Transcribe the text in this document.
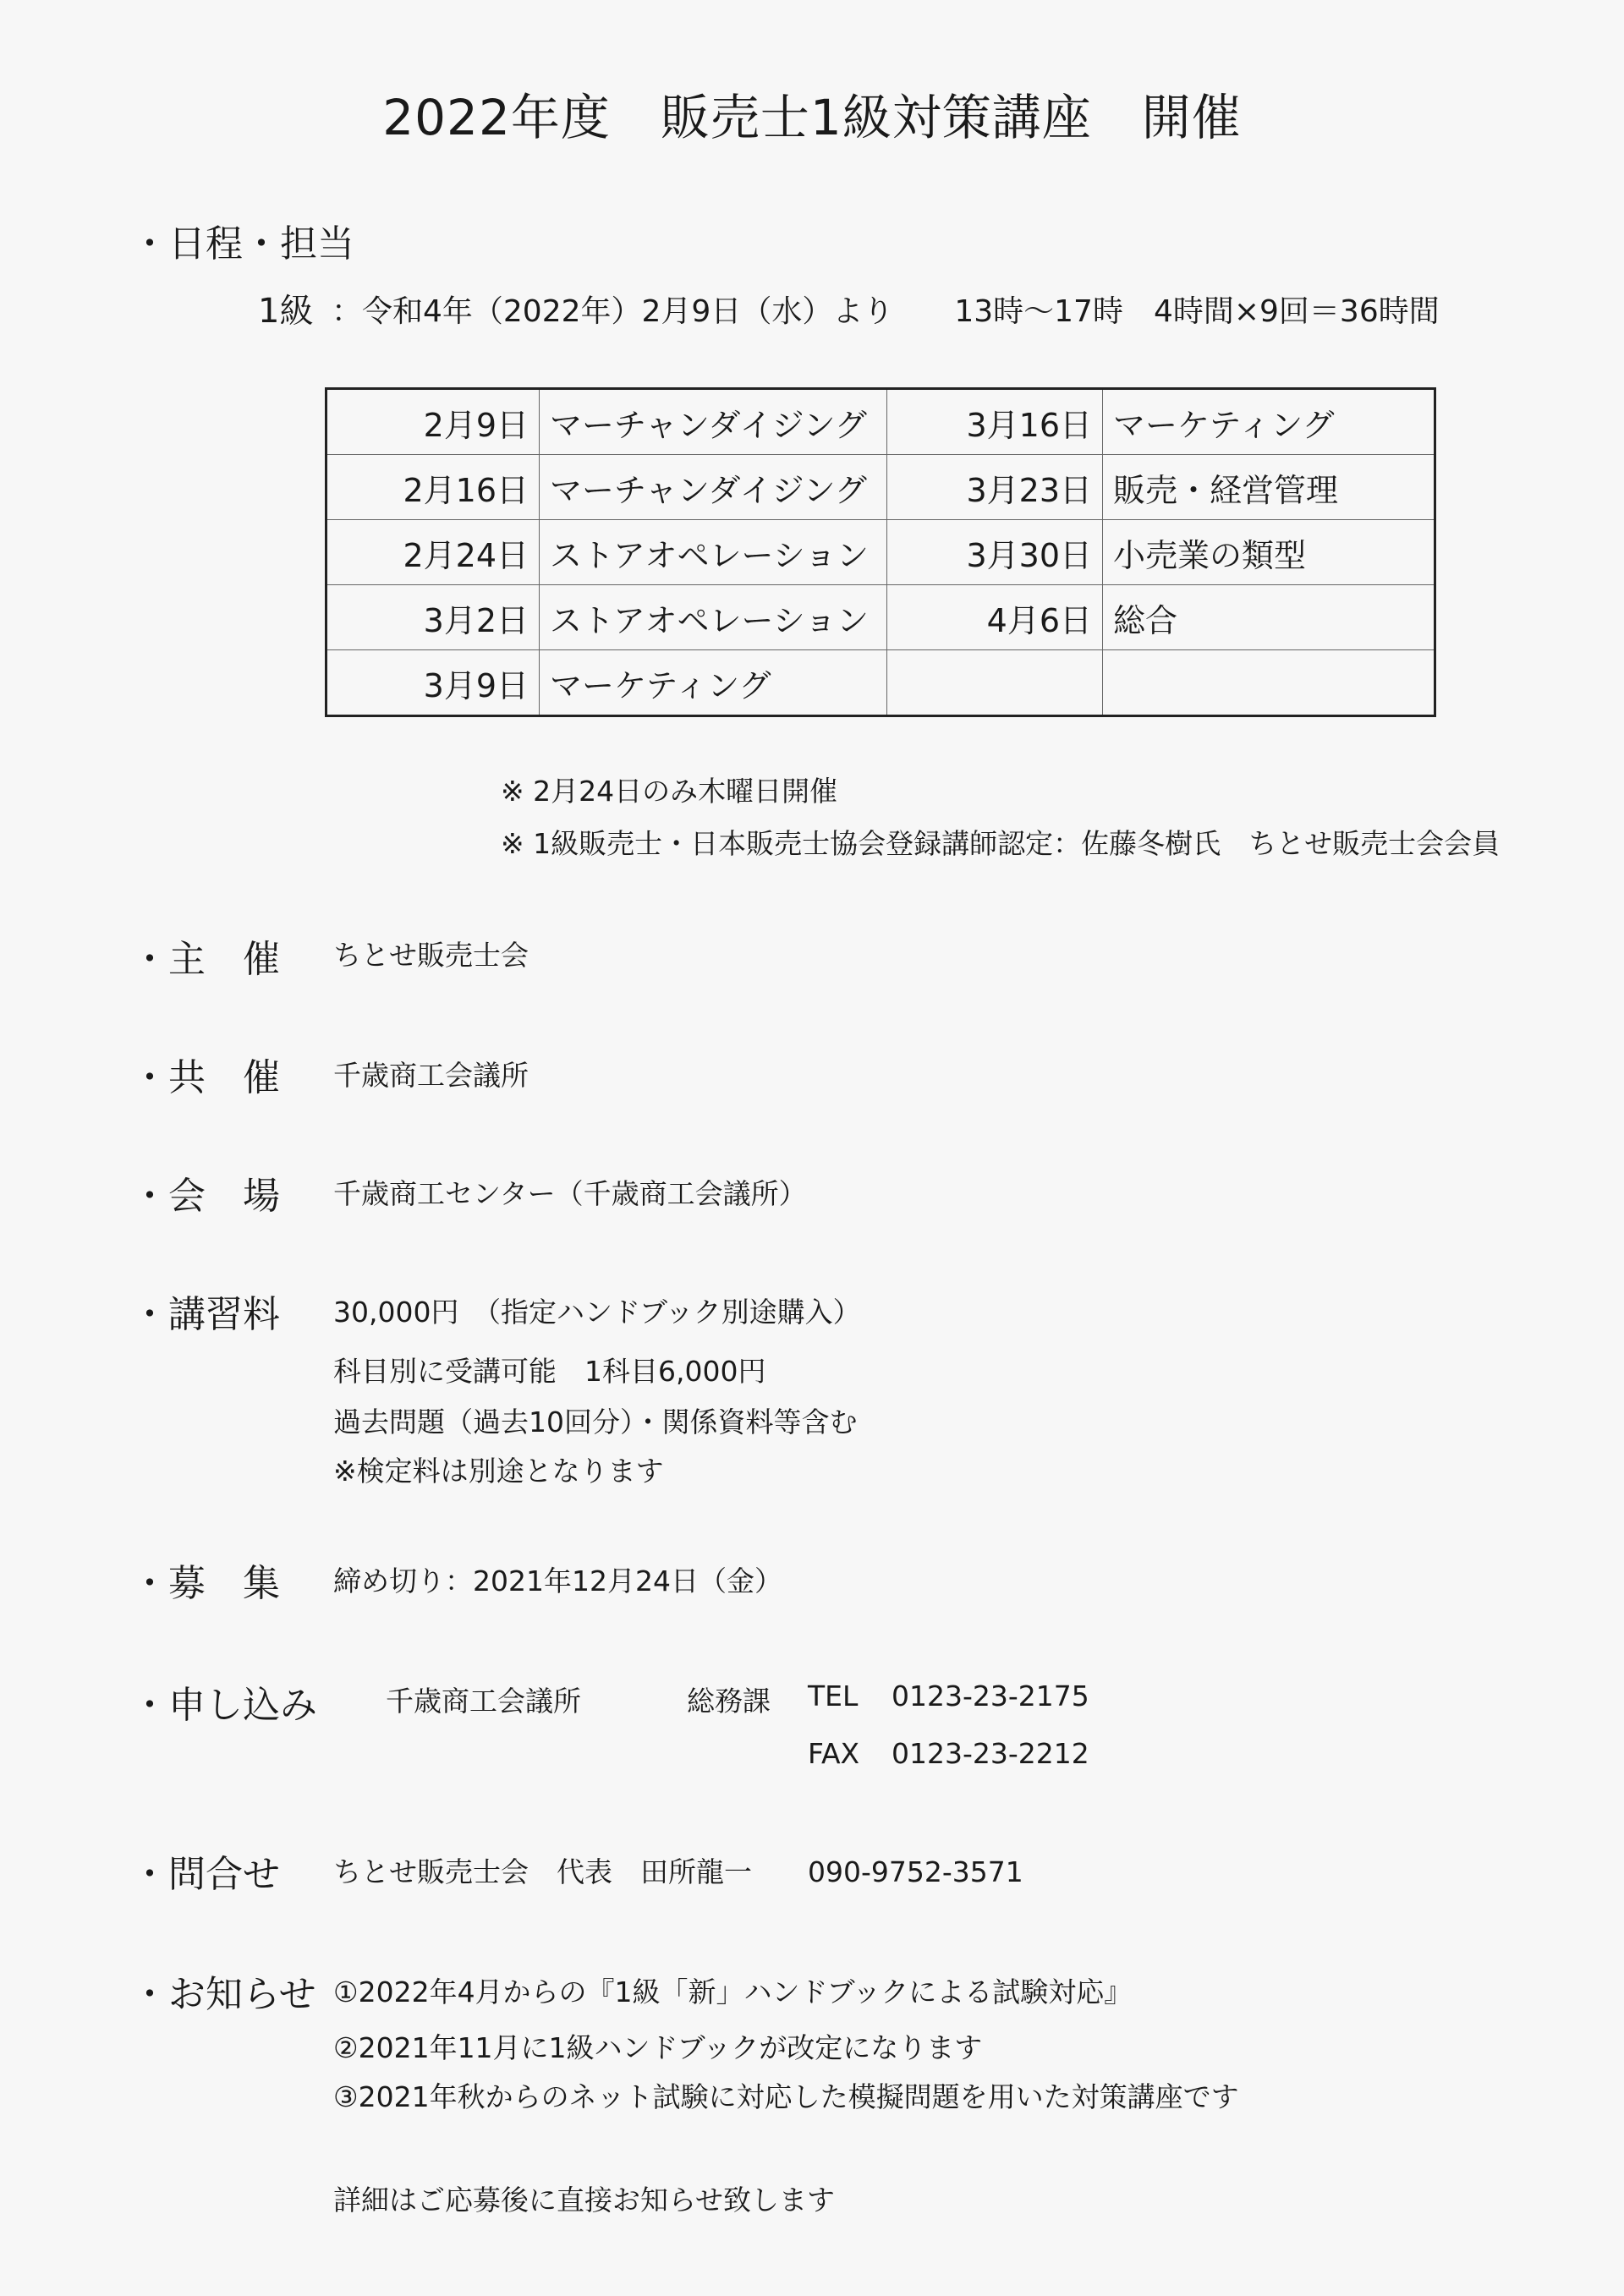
2022年度　販売士1級対策講座　開催
・日程・担当
1級 ：令和4年（2022年）2月9日（水）より　　13時～17時　4時間×9回＝36時間
2月9日	マーチャンダイジング	3月16日	マーケティング
2月16日	マーチャンダイジング	3月23日	販売・経営管理
2月24日	ストアオペレーション	3月30日	小売業の類型
3月2日	ストアオペレーション	4月6日	総合
3月9日	マーケティング		
※ 2月24日のみ木曜日開催
※ 1級販売士・日本販売士協会登録講師認定：佐藤冬樹氏　ちとせ販売士会会員
・主　催 ちとせ販売士会
・共　催 千歳商工会議所
・会　場 千歳商工センター（千歳商工会議所）
・講習料 30,000円　（指定ハンドブック別途購入）
科目別に受講可能　1科目6,000円
過去問題（過去10回分）・関係資料等含む
※検定料は別途となります
・募　集 締め切り：2021年12月24日（金）
・申し込み 千歳商工会議所	総務課 TEL 0123-23-2175
FAX 0123-23-2212
・問合せ ちとせ販売士会　代表　田所龍一　　090-9752-3571
・お知らせ ①2022年4月からの『1級「新」ハンドブックによる試験対応』
②2021年11月に1級ハンドブックが改定になります
③2021年秋からのネット試験に対応した模擬問題を用いた対策講座です
詳細はご応募後に直接お知らせ致します
